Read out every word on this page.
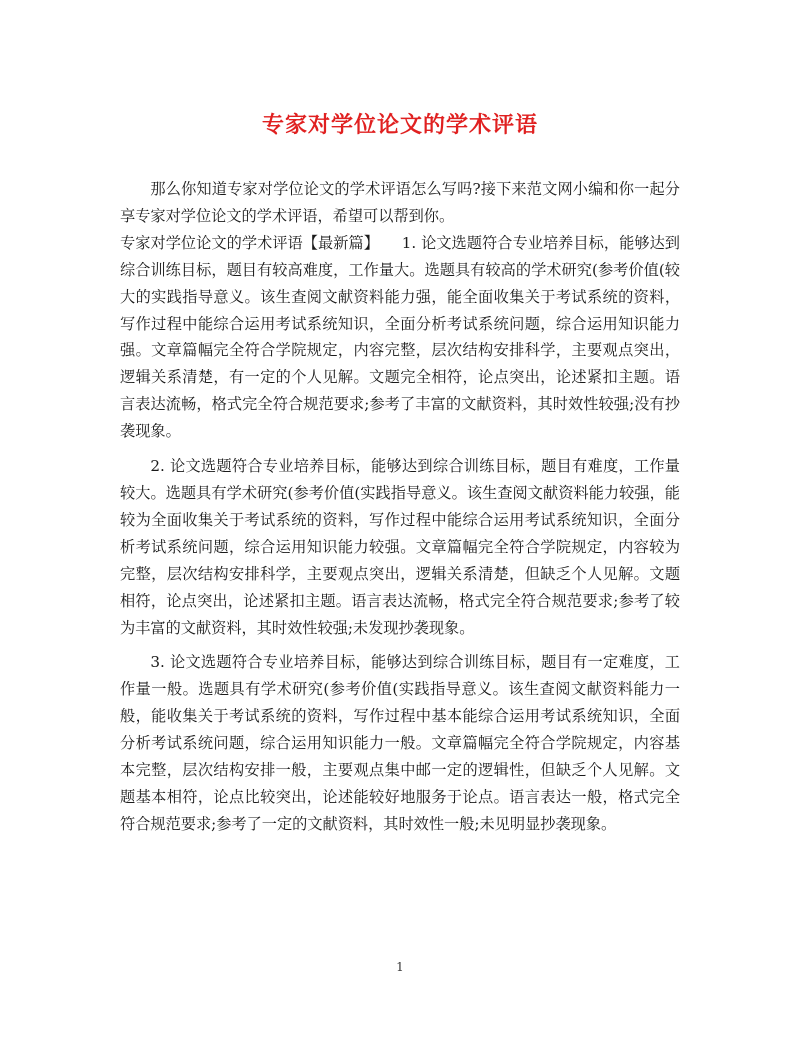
专家对学位论文的学术评语

那么你知道专家对学位论文的学术评语怎么写吗?接下来范文网小编和你一起分享专家对学位论文的学术评语，希望可以帮到你。

专家对学位论文的学术评语【最新篇】   1. 论文选题符合专业培养目标，能够达到综合训练目标，题目有较高难度，工作量大。选题具有较高的学术研究(参考价值(较大的实践指导意义。该生查阅文献资料能力强，能全面收集关于考试系统的资料，写作过程中能综合运用考试系统知识，全面分析考试系统问题，综合运用知识能力强。文章篇幅完全符合学院规定，内容完整，层次结构安排科学，主要观点突出，逻辑关系清楚，有一定的个人见解。文题完全相符，论点突出，论述紧扣主题。语言表达流畅，格式完全符合规范要求;参考了丰富的文献资料，其时效性较强;没有抄袭现象。

2. 论文选题符合专业培养目标，能够达到综合训练目标，题目有难度，工作量较大。选题具有学术研究(参考价值(实践指导意义。该生查阅文献资料能力较强，能较为全面收集关于考试系统的资料，写作过程中能综合运用考试系统知识，全面分析考试系统问题，综合运用知识能力较强。文章篇幅完全符合学院规定，内容较为完整，层次结构安排科学，主要观点突出，逻辑关系清楚，但缺乏个人见解。文题相符，论点突出，论述紧扣主题。语言表达流畅，格式完全符合规范要求;参考了较为丰富的文献资料，其时效性较强;未发现抄袭现象。

3. 论文选题符合专业培养目标，能够达到综合训练目标，题目有一定难度，工作量一般。选题具有学术研究(参考价值(实践指导意义。该生查阅文献资料能力一般，能收集关于考试系统的资料，写作过程中基本能综合运用考试系统知识，全面分析考试系统问题，综合运用知识能力一般。文章篇幅完全符合学院规定，内容基本完整，层次结构安排一般，主要观点集中邮一定的逻辑性，但缺乏个人见解。文题基本相符，论点比较突出，论述能较好地服务于论点。语言表达一般，格式完全符合规范要求;参考了一定的文献资料，其时效性一般;未见明显抄袭现象。

1
